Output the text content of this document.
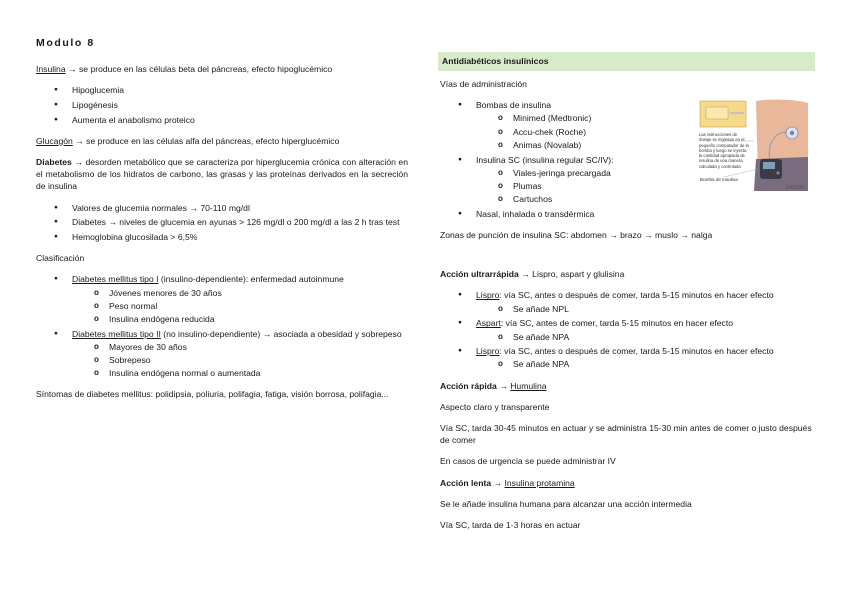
Modulo 8

Insulina → se produce en las células beta del páncreas, efecto hipoglucémico

● Hipoglucemia
● Lipogénesis
● Aumenta el anabolismo proteico

Glucagón → se produce en las células alfa del páncreas, efecto hiperglucémico

Diabetes → desorden metabólico que se caracteriza por hiperglucemia crónica con alteración en el metabolismo de los hidratos de carbono, las grasas y las proteínas derivados en la secreción de insulina

● Valores de glucemia normales → 70-110 mg/dl
● Diabetes → niveles de glucemia en ayunas > 126 mg/dl o 200 mg/dl a las 2 h tras test
● Hemoglobina glucosilada > 6,5%

Clasificación

● Diabetes mellitus tipo I (insulino-dependiente): enfermedad autoinmune
o Jóvenes menores de 30 años
o Peso normal
o Insulina endógena reducida
● Diabetes mellitus tipo II (no insulino-dependiente) → asociada a obesidad y sobrepeso
o Mayores de 30 años
o Sobrepeso
o Insulina endógena normal o aumentada

Síntomas de diabetes mellitus: polidipsia, poliuria, polifagia, fatiga, visión borrosa, polifagia...

Antidiabéticos insulínicos

Vías de administración

● Bombas de insulina
o Minimed (Medtronic)
o Accu-chek (Roche)
o Animas (Novalab)
● Insulina SC (insulina regular SC/IV):
o Viales-jeringa precargada
o Plumas
o Cartuchos
● Nasal, inhalada o transdérmica

Zonas de punción de insulina SC: abdomen → brazo → muslo → nalga

Acción ultrarrápida → Lispro, aspart y glulisina

● Lispro: vía SC, antes o después de comer, tarda 5-15 minutos en hacer efecto
o Se añade NPL
● Aspart: vía SC, antes de comer, tarda 5-15 minutos en hacer efecto
o Se añade NPA
● Lispro: vía SC, antes o después de comer, tarda 5-15 minutos en hacer efecto
o Se añade NPA

Acción rápida → Humulina

Aspecto claro y transparente

Vía SC, tarda 30-45 minutos en actuar y se administra 15-30 min antes de comer o justo después de comer

En casos de urgencia se puede administrar IV

Acción lenta → Insulina protamina

Se le añade insulina humana para alcanzar una acción intermedia

Vía SC, tarda de 1-3 horas en actuar

©ADAM
Las instrucciones de dosaje se ingresan en el pequeño computador de la bomba y luego se inyecta la cantidad apropiada de insulina de una manera calculada y controlada
Bomba de insulina
